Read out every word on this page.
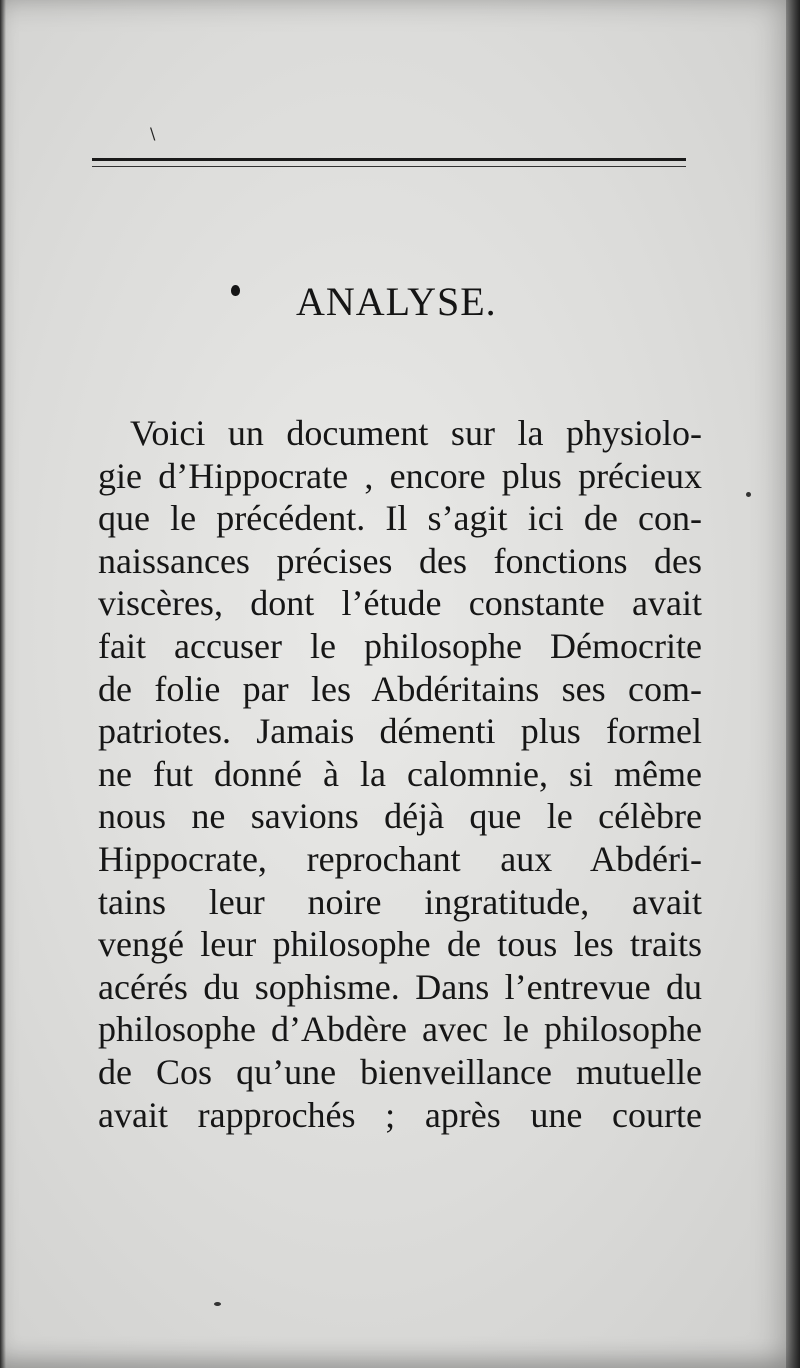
\
ANALYSE.
Voici un document sur la physiolo-
gie d’Hippocrate , encore plus précieux
que le précédent. Il s’agit ici de con-
naissances précises des fonctions des
viscères, dont l’étude constante avait
fait accuser le philosophe Démocrite
de folie par les Abdéritains ses com-
patriotes. Jamais démenti plus formel
ne fut donné à la calomnie, si même
nous ne savions déjà que le célèbre
Hippocrate, reprochant aux Abdéri-
tains leur noire ingratitude, avait
vengé leur philosophe de tous les traits
acérés du sophisme. Dans l’entrevue du
philosophe d’Abdère avec le philosophe
de Cos qu’une bienveillance mutuelle
avait rapprochés ; après une courte
